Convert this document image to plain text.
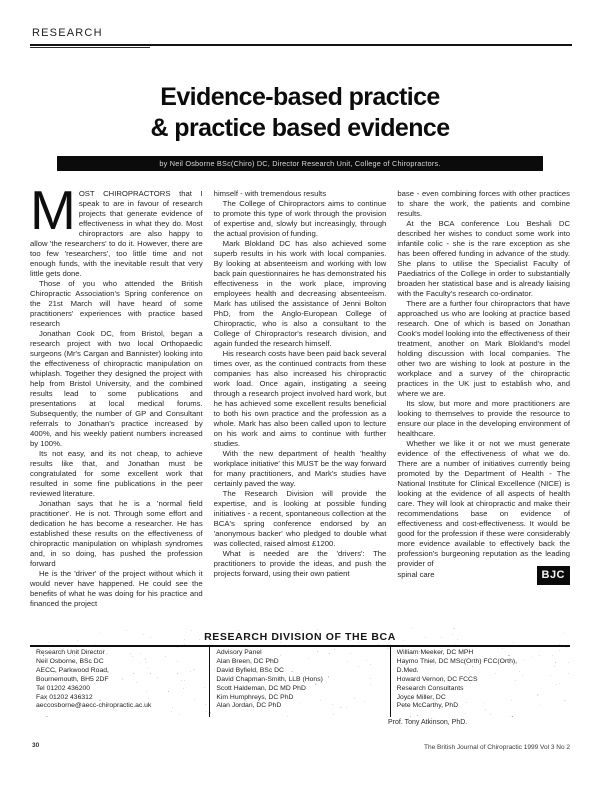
RESEARCH
Evidence-based practice
& practice based evidence
by Neil Osborne BSc(Chiro) DC, Director Research Unit, College of Chiropractors.

MOST CHIROPRACTORS that I speak to are in favour of research projects that generate evidence of effectiveness in what they do. Most chiropractors are also happy to allow 'the researchers' to do it. However, there are too few 'researchers', too little time and not enough funds, with the inevitable result that very little gets done.

Those of you who attended the British Chiropractic Association's Spring conference on the 21st March will have heard of some practitioners' experiences with practice based research

Jonathan Cook DC, from Bristol, began a research project with two local Orthopaedic surgeons (Mr's Cargan and Bannister) looking into the effectiveness of chiropractic manipulation on whiplash. Together they designed the project with help from Bristol University, and the combined results lead to some publications and presentations at local medical forums. Subsequently, the number of GP and Consultant referrals to Jonathan's practice increased by 400%, and his weekly patient numbers increased by 100%.

Its not easy, and its not cheap, to achieve results like that, and Jonathan must be congratulated for some excellent work that resulted in some fine publications in the peer reviewed literature.

Jonathan says that he is a 'normal field practitioner'. He is not. Through some effort and dedication he has become a researcher. He has established these results on the effectiveness of chiropractic manipulation on whiplash syndromes and, in so doing, has pushed the profession forward

He is the 'driver' of the project without which it would never have happened. He could see the benefits of what he was doing for his practice and financed the project

himself - with tremendous results

The College of Chiropractors aims to continue to promote this type of work through the provision of expertise and, slowly but increasingly, through the actual provision of funding.

Mark Blokland DC has also achieved some superb results in his work with local companies. By looking at absenteeism and working with low back pain questionnaires he has demonstrated his effectiveness in the work place, improving employees health and decreasing absenteeism. Mark has utilised the assistance of Jenni Bolton PhD, from the Anglo-European College of Chiropractic, who is also a consultant to the College of Chiropractor's research division, and again funded the research himself.

His research costs have been paid back several times over, as the continued contracts from these companies has also increased his chiropractic work load. Once again, instigating a seeing through a research project involved hard work, but he has achieved some excellent results beneficial to both his own practice and the profession as a whole. Mark has also been called upon to lecture on his work and aims to continue with further studies.

With the new department of health 'healthy workplace initiative' this MUST be the way forward for many practitioners, and Mark's studies have certainly paved the way.

The Research Division will provide the expertise, and is looking at possible funding initiatives - a recent, spontaneous collection at the BCA's spring conference endorsed by an 'anonymous backer' who pledged to double what was collected, raised almost £1200.

What is needed are the 'drivers': The practitioners to provide the ideas, and push the projects forward, using their own patient

base - even combining forces with other practices to share the work, the patients and combine results.

At the BCA conference Lou Beshali DC described her wishes to conduct some work into infantile colic - she is the rare exception as she has been offered funding in advance of the study. She plans to utilise the Specialist Faculty of Paediatrics of the College in order to substantially broaden her statistical base and is already liaising with the Faculty's research co-ordinator.

There are a further four chiropractors that have approached us who are looking at practice based research. One of which is based on Jonathan Cook's model looking into the effectiveness of their treatment, another on Mark Blokland's model holding discussion with local companies. The other two are wishing to look at posture in the workplace and a survey of the chiropractic practices in the UK just to establish who, and where we are.

Its slow, but more and more practitioners are looking to themselves to provide the resource to ensure our place in the developing environment of healthcare.

Whether we like it or not we must generate evidence of the effectiveness of what we do. There are a number of initiatives currently being promoted by the Department of Health - The National Institute for Clinical Excellence (NICE) is looking at the evidence of all aspects of health care. They will look at chiropractic and make their recommendations base on evidence of effectiveness and cost-effectiveness. It would be good for the profession if these were considerably more evidence available to effectively back the profession's burgeoning reputation as the leading provider of

spinal care	BJC
RESEARCH DIVISION OF THE BCA
Research Unit Director
Neil Osborne, BSc DC
AECC, Parkwood Road,
Bournemouth, BH5 2DF
Tel 01202 436200
Fax 01202 436312
aeccosborne@aecc-chiropractic.ac.uk
Advisory Panel
Alan Breen, DC PhD
David Byfield, BSc DC
David Chapman-Smith, LLB (Hons)
Scott Haldeman, DC MD PhD
Kim Humphreys, DC PhD
Alan Jordan, DC PhD
William Meeker, DC MPH
Haymo Thiel, DC MSc(Orth) FCC(Orth),
D.Med.
Howard Vernon, DC FCCS
Research Consultants
Joyce Miller, DC
Pete McCarthy, PhD
Prof. Tony Atkinson, PhD.
30	The British Journal of Chiropractic 1999 Vol 3 No 2
